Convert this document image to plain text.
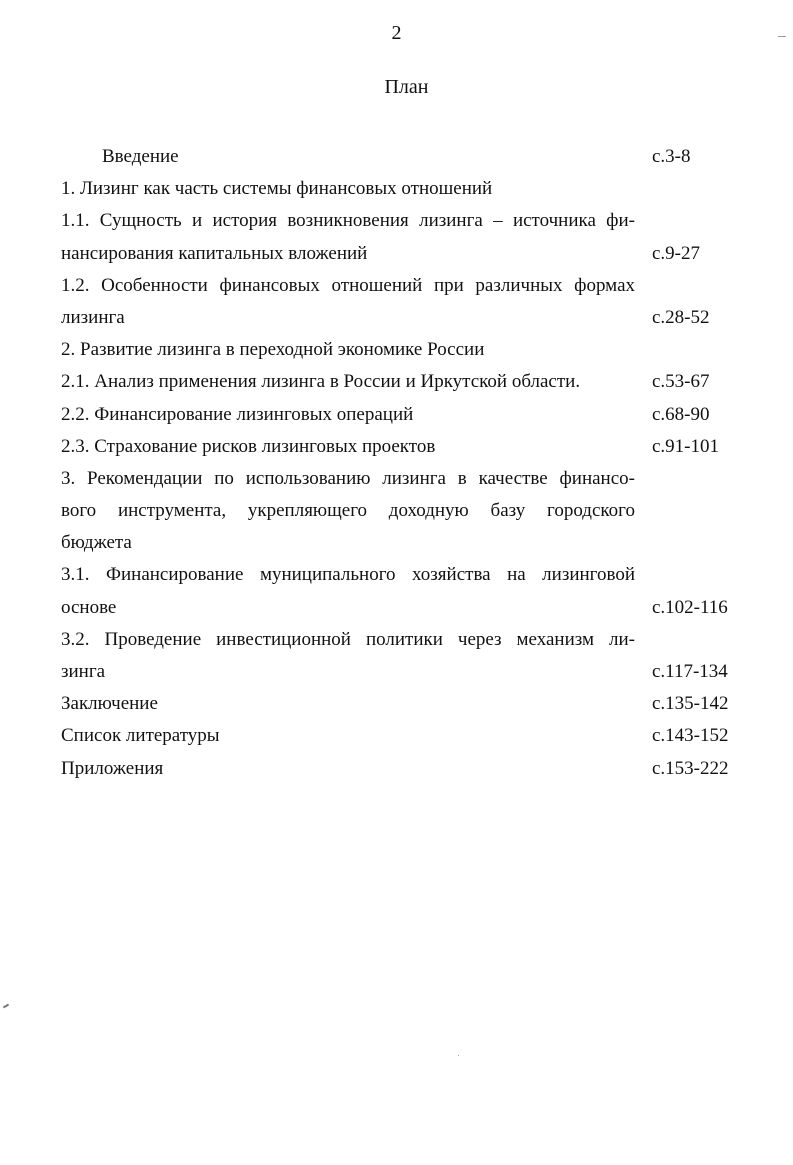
2
План
Введение	с.3-8
1. Лизинг как часть системы финансовых отношений
1.1. Сущность и история возникновения лизинга – источника фи-
нансирования капитальных вложений	с.9-27
1.2. Особенности финансовых отношений при различных формах
лизинга	с.28-52
2. Развитие лизинга в переходной экономике России
2.1. Анализ применения лизинга в России и Иркутской области.	с.53-67
2.2. Финансирование лизинговых операций	с.68-90
2.3. Страхование рисков лизинговых проектов	с.91-101
3. Рекомендации по использованию лизинга в качестве финансо-
вого инструмента, укрепляющего доходную базу городского
бюджета
3.1. Финансирование муниципального хозяйства на лизинговой
основе	с.102-116
3.2. Проведение инвестиционной политики через механизм ли-
зинга	с.117-134
Заключение	с.135-142
Список литературы	с.143-152
Приложения	с.153-222
